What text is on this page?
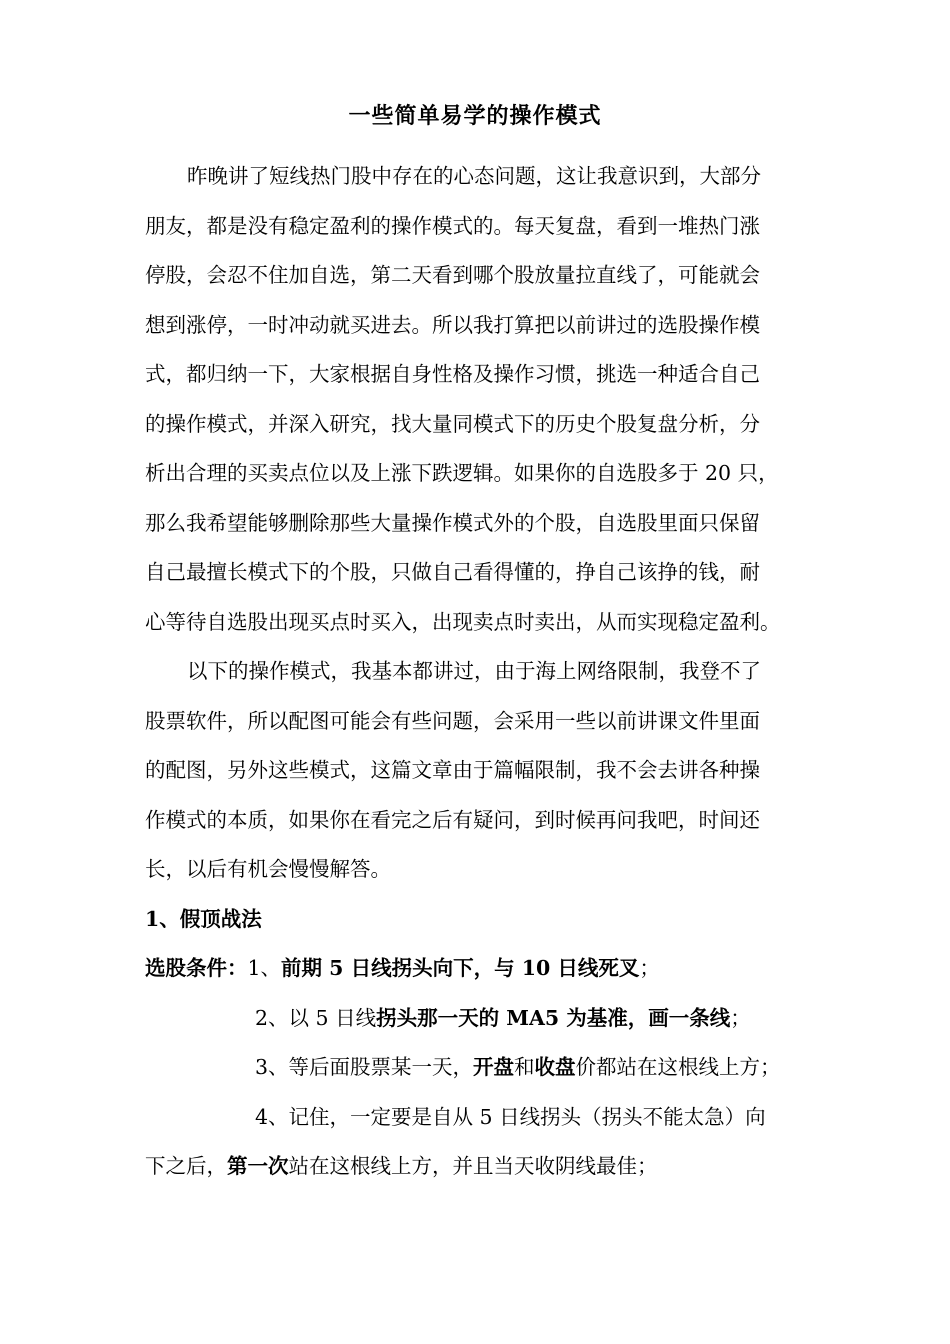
一些简单易学的操作模式
昨晚讲了短线热门股中存在的心态问题，这让我意识到，大部分
朋友，都是没有稳定盈利的操作模式的。每天复盘，看到一堆热门涨
停股，会忍不住加自选，第二天看到哪个股放量拉直线了，可能就会
想到涨停，一时冲动就买进去。所以我打算把以前讲过的选股操作模
式，都归纳一下，大家根据自身性格及操作习惯，挑选一种适合自己
的操作模式，并深入研究，找大量同模式下的历史个股复盘分析，分
析出合理的买卖点位以及上涨下跌逻辑。如果你的自选股多于 20 只，
那么我希望能够删除那些大量操作模式外的个股，自选股里面只保留
自己最擅长模式下的个股，只做自己看得懂的，挣自己该挣的钱，耐
心等待自选股出现买点时买入，出现卖点时卖出，从而实现稳定盈利。
以下的操作模式，我基本都讲过，由于海上网络限制，我登不了
股票软件，所以配图可能会有些问题，会采用一些以前讲课文件里面
的配图，另外这些模式，这篇文章由于篇幅限制，我不会去讲各种操
作模式的本质，如果你在看完之后有疑问，到时候再问我吧，时间还
长，以后有机会慢慢解答。
1、假顶战法
选股条件：1、前期 5 日线拐头向下，与 10 日线死叉；
2、以 5 日线拐头那一天的 MA5 为基准，画一条线；
3、等后面股票某一天，开盘和收盘价都站在这根线上方；
4、记住，一定要是自从 5 日线拐头（拐头不能太急）向
下之后，第一次站在这根线上方，并且当天收阴线最佳；
